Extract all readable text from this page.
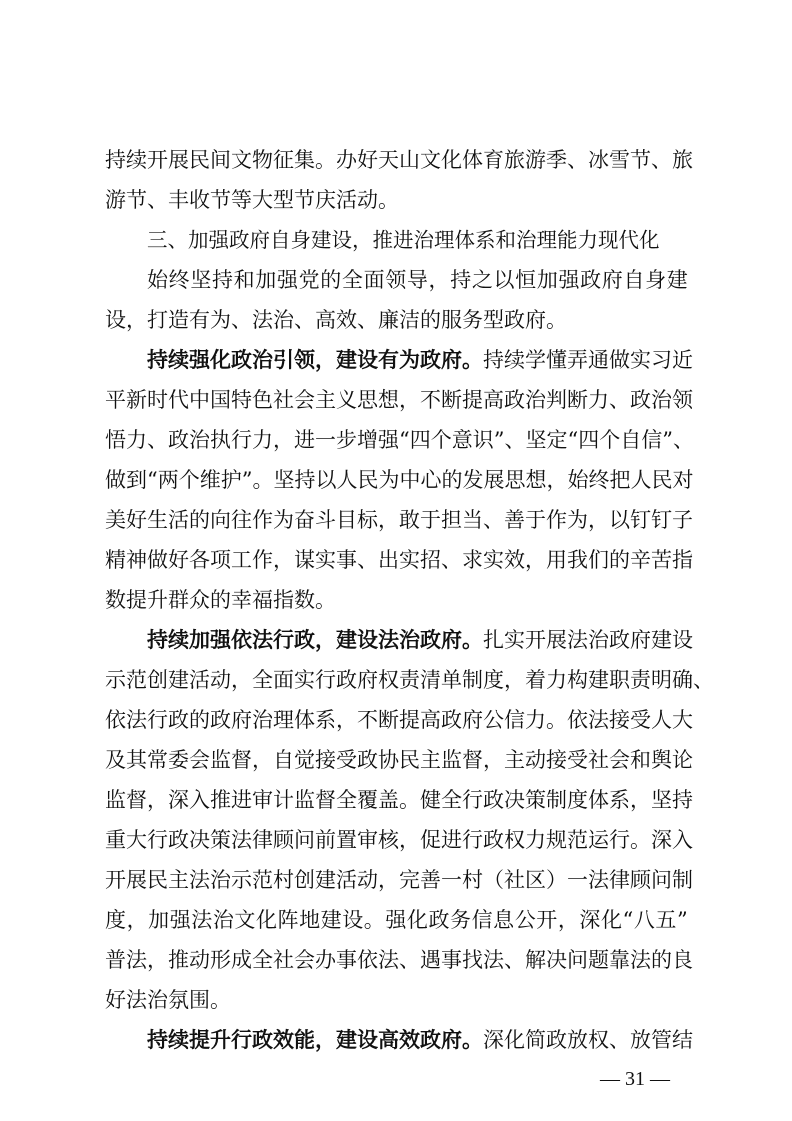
持 续 开 展 民 间 文 物 征 集 。 办 好 天 山 文 化 体 育 旅 游 季 、 冰 雪 节 、 旅
游节、丰收节等大型节庆活动。
三、加强政府自身建设，推进治理体系和治理能力现代化
始 终 坚 持 和 加 强 党 的 全 面 领 导 ， 持 之 以 恒 加 强 政 府 自 身 建
设，打造有为、法治、高效、廉洁的服务型政府。
持 续 强 化 政 治 引 领 ， 建 设 有 为 政 府 。 持 续 学 懂 弄 通 做 实 习 近
平 新 时 代 中 国 特 色 社 会 主 义 思 想 ， 不 断 提 高 政 治 判 断 力 、 政 治 领
悟 力 、 政 治 执 行 力 ， 进 一 步 增 强 “ 四 个 意 识 ” 、 坚 定 “ 四 个 自 信 ” 、
做 到 “ 两 个 维 护 ” 。 坚 持 以 人 民 为 中 心 的 发 展 思 想 ， 始 终 把 人 民 对
美 好 生 活 的 向 往 作 为 奋 斗 目 标 ， 敢 于 担 当 、 善 于 作 为 ， 以 钉 钉 子
精 神 做 好 各 项 工 作 ， 谋 实 事 、 出 实 招 、 求 实 效 ， 用 我 们 的 辛 苦 指
数提升群众的幸福指数。
持 续 加 强 依 法 行 政 ， 建 设 法 治 政 府 。 扎 实 开 展 法 治 政 府 建 设
示 范 创 建 活 动 ， 全 面 实 行 政 府 权 责 清 单 制 度 ， 着 力 构 建 职 责 明 确 、
依 法 行 政 的 政 府 治 理 体 系 ， 不 断 提 高 政 府 公 信 力 。 依 法 接 受 人 大
及 其 常 委 会 监 督 ， 自 觉 接 受 政 协 民 主 监 督 ， 主 动 接 受 社 会 和 舆 论
监 督 ， 深 入 推 进 审 计 监 督 全 覆 盖 。 健 全 行 政 决 策 制 度 体 系 ， 坚 持
重 大 行 政 决 策 法 律 顾 问 前 置 审 核 ， 促 进 行 政 权 力 规 范 运 行 。 深 入
开 展 民 主 法 治 示 范 村 创 建 活 动 ， 完 善 一 村 （ 社 区 ） 一 法 律 顾 问 制
度 ， 加 强 法 治 文 化 阵 地 建 设 。 强 化 政 务 信 息 公 开 ， 深 化 “ 八 五 ”
普 法 ， 推 动 形 成 全 社 会 办 事 依 法 、 遇 事 找 法 、 解 决 问 题 靠 法 的 良
好法治氛围。
持 续 提 升 行 政 效 能 ， 建 设 高 效 政 府 。 深 化 简 政 放 权 、 放 管 结
— 31 —
